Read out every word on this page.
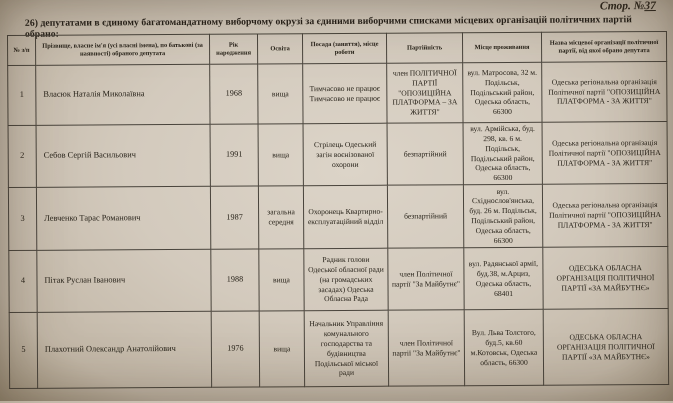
Стор. №37
26) депутатами в єдиному багатомандатному виборчому окрузі за єдиними виборчими списками місцевих організацій політичних партій обрано:
№ з/п	Прізвище, власне ім'я (усі власні імена), по батькові (за наявності) обраного депутата	Рік народження	Освіта	Посада (заняття), місце роботи	Партійність	Місце проживання	Назва місцевої організації політичної партії, від якої обрано депутата
1	Власюк Наталія Миколаївна	1968	вища	Тимчасово не працює Тимчасово не працює	член ПОЛІТИЧНОЇ ПАРТІЇ "ОПОЗИЦІЙНА ПЛАТФОРМА – ЗА ЖИТТЯ"	вул. Матросова, 32 м. Подільськ, Подільський район, Одеська область, 66300	Одеська регіональна організація Політичної партії "ОПОЗИЦІЙНА ПЛАТФОРМА - ЗА ЖИТТЯ"
2	Себов Сергій Васильович	1991	вища	Стрілець Одеський загін воєнізованої охорони	безпартійний	вул. Армійська, буд. 298, кв. 6 м. Подільськ, Подільський район, Одеська область, 66300	Одеська регіональна організація Політичної партії "ОПОЗИЦІЙНА ПЛАТФОРМА - ЗА ЖИТТЯ"
3	Левченко Тарас Романович	1987	загальна середня	Охоронець Квартирно-експлуатаційний відділ	безпартійний	вул. Східнослов'янська, буд. 26 м. Подільськ, Подільський район, Одеська область, 66300	Одеська регіональна організація Політичної партії "ОПОЗИЦІЙНА ПЛАТФОРМА - ЗА ЖИТТЯ"
4	Пітак Руслан Іванович	1988	вища	Радник голови Одеської обласної ради (на громадських засадах) Одеська Обласна Рада	член Політичної партії "За Майбутнє"	вул. Радянської армії, буд.38, м.Арциз, Одеська область, 68401	ОДЕСЬКА ОБЛАСНА ОРГАНІЗАЦІЯ ПОЛІТИЧНОЇ ПАРТІЇ «ЗА МАЙБУТНЄ»
5	Плахотний Олександр Анатолійович	1976	вища	Начальник Управління комунального господарства та будівництва Подільської міської ради	член Політичної партії "За Майбутнє"	Вул. Льва Толстого, буд.5, кв.60 м.Котовськ, Одеська область, 66300	ОДЕСЬКА ОБЛАСНА ОРГАНІЗАЦІЯ ПОЛІТИЧНОЇ ПАРТІЇ «ЗА МАЙБУТНЄ»
